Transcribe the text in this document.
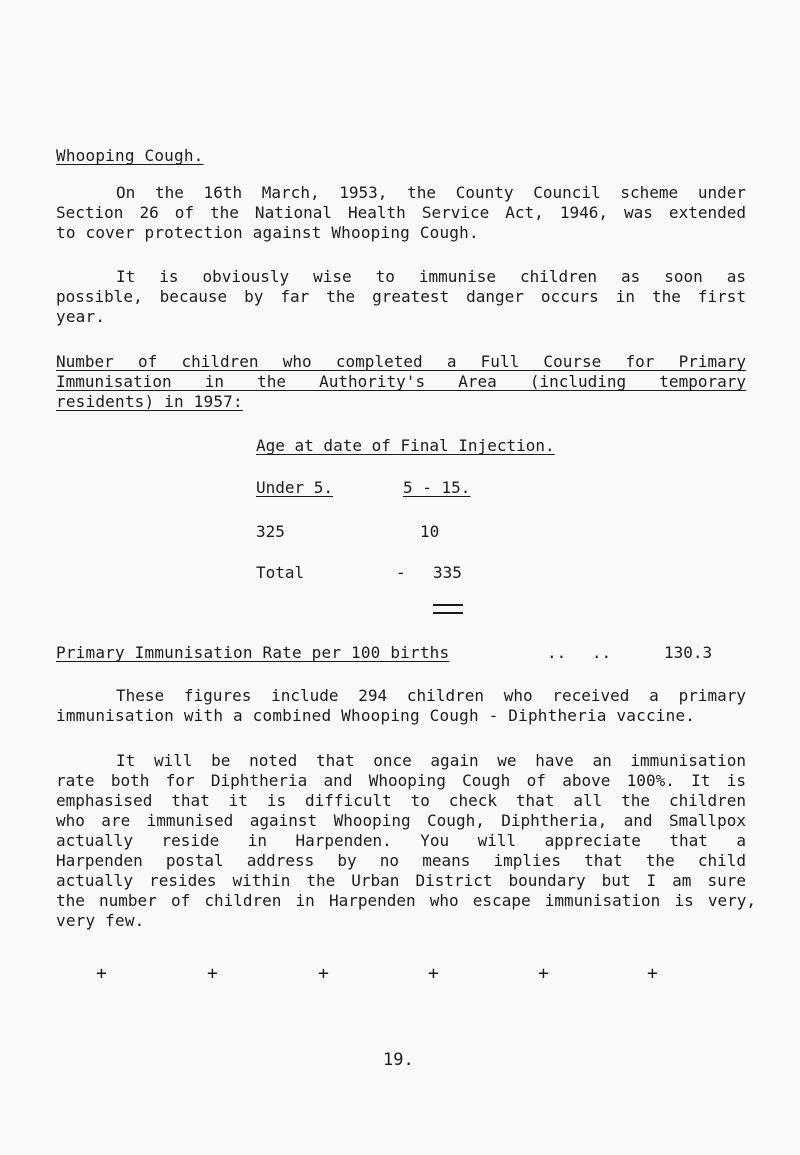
Whooping Cough.
On the 16th March, 1953, the County Council scheme under
Section 26 of the National Health Service Act, 1946, was extended
to cover protection against Whooping Cough.
It is obviously wise to immunise children as soon as
possible, because by far the greatest danger occurs in the first
year.
Number of children who completed a Full Course for Primary
Immunisation in the Authority's Area (including temporary
residents) in 1957:
Age at date of Final Injection.
Under 5.	5 - 15.
325	10
Total	- 335
Primary Immunisation Rate per 100 births	.. ..	130.3
These figures include 294 children who received a primary
immunisation with a combined Whooping Cough - Diphtheria vaccine.
It will be noted that once again we have an immunisation
rate both for Diphtheria and Whooping Cough of above 100%. It is
emphasised that it is difficult to check that all the children
who are immunised against Whooping Cough, Diphtheria, and Smallpox
actually reside in Harpenden. You will appreciate that a
Harpenden postal address by no means implies that the child
actually resides within the Urban District boundary but I am sure
the number of children in Harpenden who escape immunisation is very,
very few.
+	+	+	+	+	+
19.
